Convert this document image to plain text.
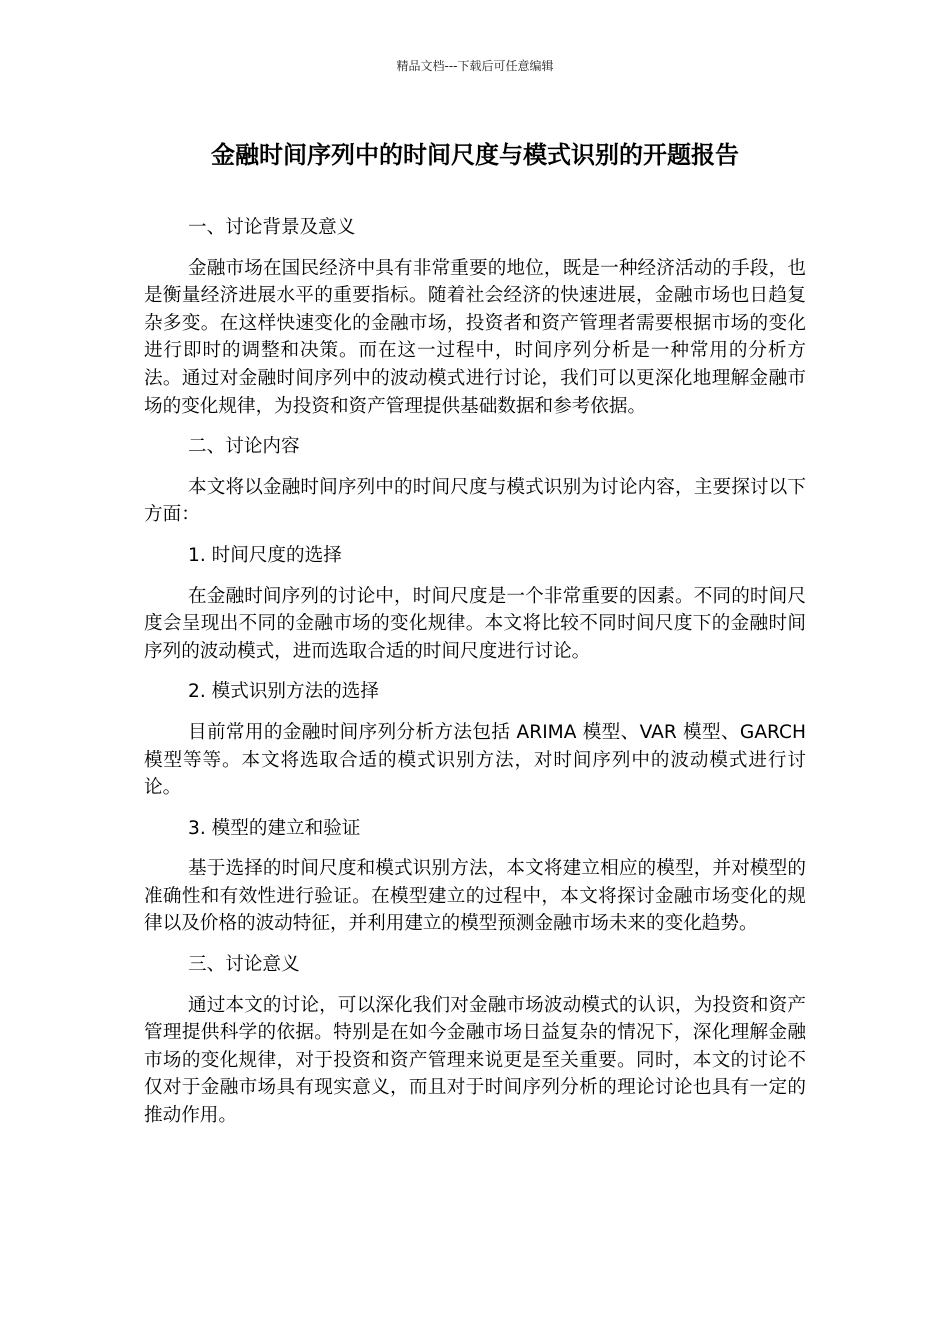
精品文档---下载后可任意编辑
金融时间序列中的时间尺度与模式识别的开题报告
一、讨论背景及意义

金融市场在国民经济中具有非常重要的地位，既是一种经济活动的手段，也是衡量经济进展水平的重要指标。随着社会经济的快速进展，金融市场也日趋复杂多变。在这样快速变化的金融市场，投资者和资产管理者需要根据市场的变化进行即时的调整和决策。而在这一过程中，时间序列分析是一种常用的分析方法。通过对金融时间序列中的波动模式进行讨论，我们可以更深化地理解金融市场的变化规律，为投资和资产管理提供基础数据和参考依据。

二、讨论内容

本文将以金融时间序列中的时间尺度与模式识别为讨论内容，主要探讨以下方面：

1. 时间尺度的选择

在金融时间序列的讨论中，时间尺度是一个非常重要的因素。不同的时间尺度会呈现出不同的金融市场的变化规律。本文将比较不同时间尺度下的金融时间序列的波动模式，进而选取合适的时间尺度进行讨论。

2. 模式识别方法的选择

目前常用的金融时间序列分析方法包括 ARIMA 模型、VAR 模型、GARCH 模型等等。本文将选取合适的模式识别方法，对时间序列中的波动模式进行讨论。

3. 模型的建立和验证

基于选择的时间尺度和模式识别方法，本文将建立相应的模型，并对模型的准确性和有效性进行验证。在模型建立的过程中，本文将探讨金融市场变化的规律以及价格的波动特征，并利用建立的模型预测金融市场未来的变化趋势。

三、讨论意义

通过本文的讨论，可以深化我们对金融市场波动模式的认识，为投资和资产管理提供科学的依据。特别是在如今金融市场日益复杂的情况下，深化理解金融市场的变化规律，对于投资和资产管理来说更是至关重要。同时，本文的讨论不仅对于金融市场具有现实意义，而且对于时间序列分析的理论讨论也具有一定的推动作用。
